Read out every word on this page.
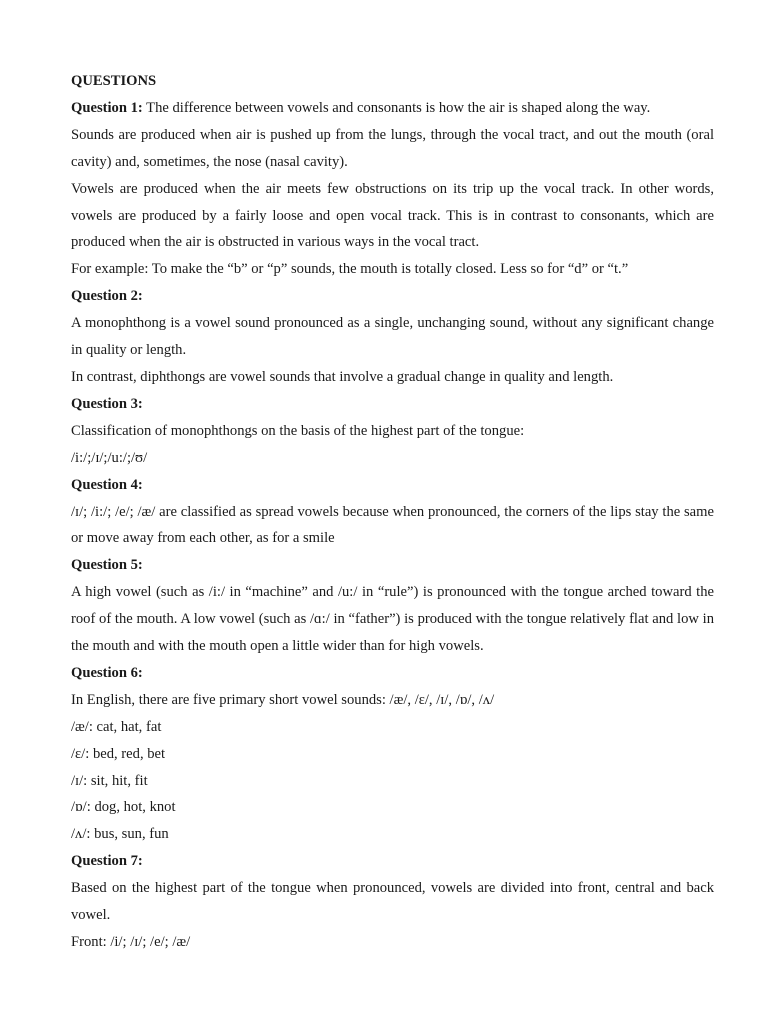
QUESTIONS

Question 1: The difference between vowels and consonants is how the air is shaped along the way.

Sounds are produced when air is pushed up from the lungs, through the vocal tract, and out the mouth (oral cavity) and, sometimes, the nose (nasal cavity).

Vowels are produced when the air meets few obstructions on its trip up the vocal track. In other words, vowels are produced by a fairly loose and open vocal track. This is in contrast to consonants, which are produced when the air is obstructed in various ways in the vocal tract.

For example: To make the “b” or “p” sounds, the mouth is totally closed. Less so for “d” or “t.”

Question 2:

A monophthong is a vowel sound pronounced as a single, unchanging sound, without any significant change in quality or length.

In contrast, diphthongs are vowel sounds that involve a gradual change in quality and length.

Question 3:

Classification of monophthongs on the basis of the highest part of the tongue:

/i:/;/ɪ/;/u:/;/ʊ/

Question 4:

/ɪ/; /i:/; /e/; /æ/ are classified as spread vowels because when pronounced, the corners of the lips stay the same or move away from each other, as for a smile

Question 5:

A high vowel (such as /i:/ in “machine” and /u:/ in “rule”) is pronounced with the tongue arched toward the roof of the mouth. A low vowel (such as /ɑ:/ in “father”) is produced with the tongue relatively flat and low in the mouth and with the mouth open a little wider than for high vowels.

Question 6:

In English, there are five primary short vowel sounds: /æ/, /ɛ/, /ɪ/, /ɒ/, /ʌ/

/æ/: cat, hat, fat

/ɛ/: bed, red, bet

/ɪ/: sit, hit, fit

/ɒ/: dog, hot, knot

/ʌ/: bus, sun, fun

Question 7:

Based on the highest part of the tongue when pronounced, vowels are divided into front, central and back vowel.

Front: /i/; /ɪ/; /e/; /æ/
